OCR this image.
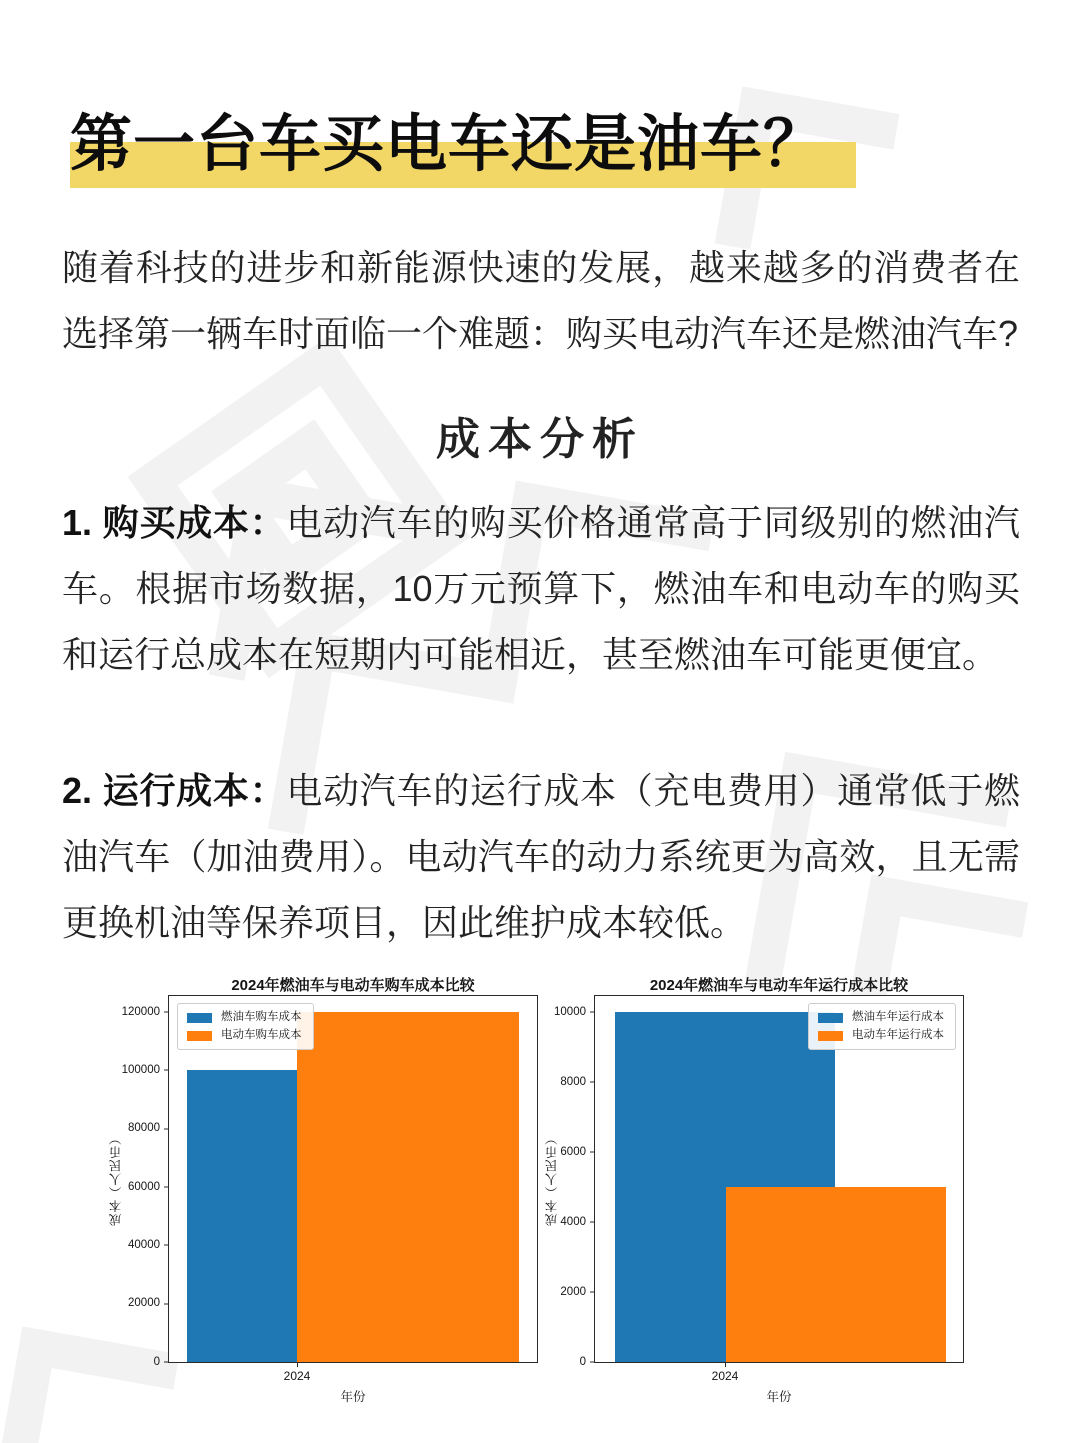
第一台车买电车还是油车？

随着科技的进步和新能源快速的发展，越来越多的消费者在选择第一辆车时面临一个难题：购买电动汽车还是燃油汽车?

成本分析

1. 购买成本：电动汽车的购买价格通常高于同级别的燃油汽车。根据市场数据，10万元预算下，燃油车和电动车的购买和运行总成本在短期内可能相近，甚至燃油车可能更便宜。

2. 运行成本：电动汽车的运行成本（充电费用）通常低于燃油汽车（加油费用）。电动汽车的动力系统更为高效，且无需更换机油等保养项目，因此维护成本较低。

2024年燃油车与电动车购车成本比较
成本（人民币）
0
20000
40000
60000
80000
100000
120000	燃油车购车成本
电动车购车成本
2024
年份
2024年燃油车与电动车年运行成本比较
成本（人民币）
0
2000
4000
6000
8000
10000	燃油车年运行成本
电动车年运行成本
2024
年份
